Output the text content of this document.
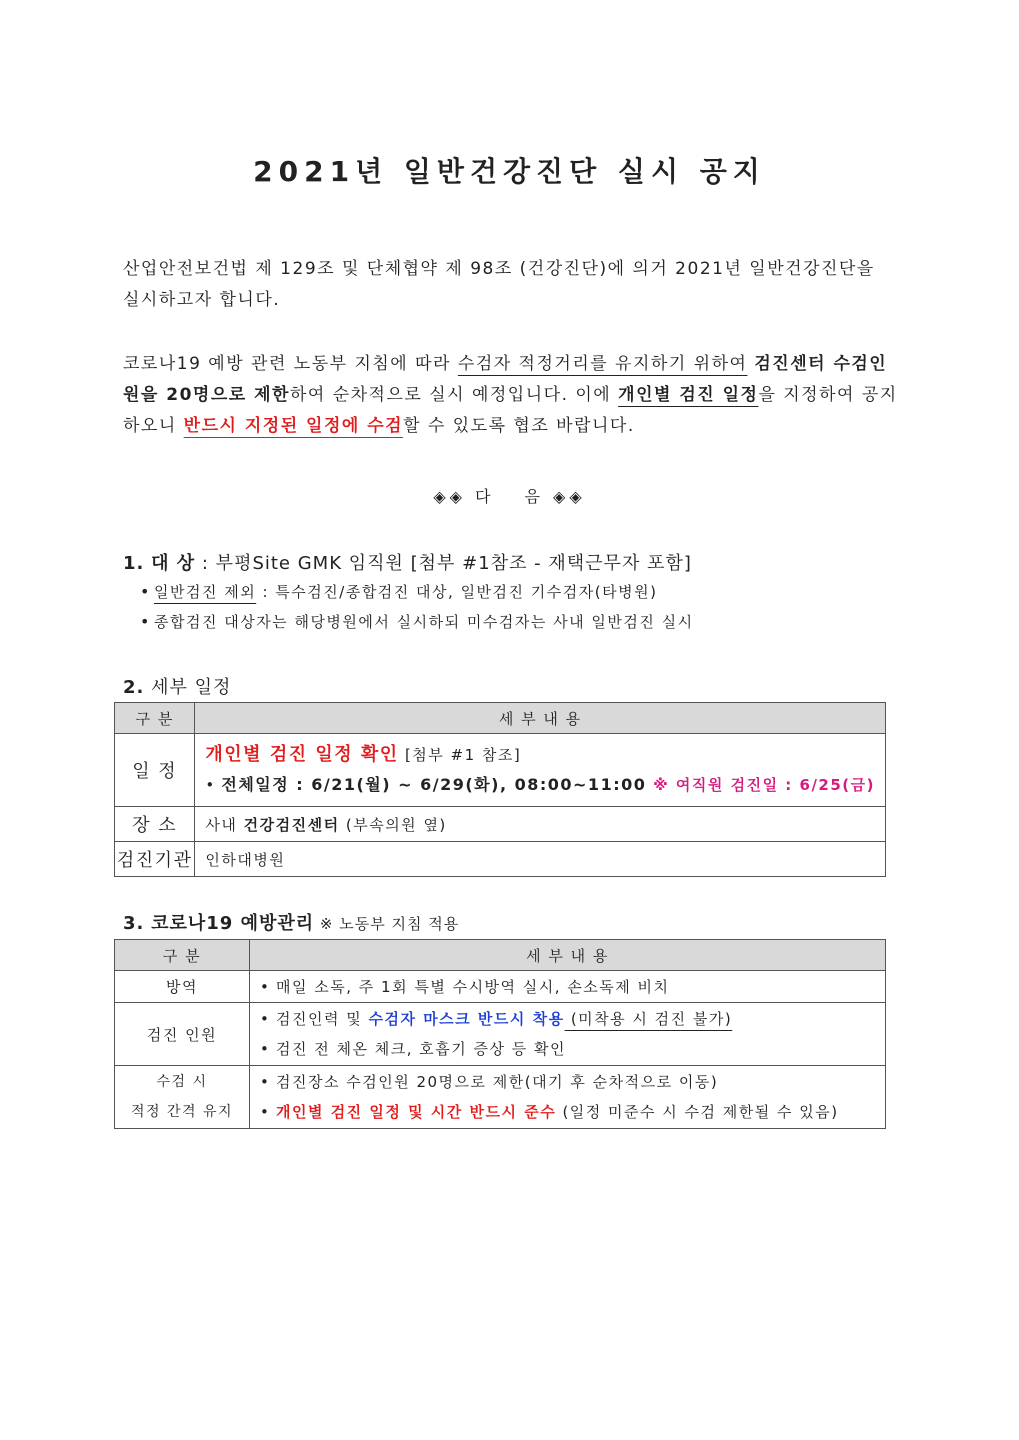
2021년 일반건강진단 실시 공지
산업안전보건법 제 129조 및 단체협약 제 98조 (건강진단)에 의거 2021년 일반건강진단을 실시하고자 합니다.
코로나19 예방 관련 노동부 지침에 따라 수검자 적정거리를 유지하기 위하여 검진센터 수검인원을 20명으로 제한하여 순차적으로 실시 예정입니다. 이에 개인별 검진 일정을 지정하여 공지하오니 반드시 지정된 일정에 수검할 수 있도록 협조 바랍니다.
◈◈ 다 음 ◈◈
1. 대 상 : 부평Site GMK 임직원 [첨부 #1참조 - 재택근무자 포함]
• 일반검진 제외 : 특수검진/종합검진 대상, 일반검진 기수검자(타병원)
• 종합검진 대상자는 해당병원에서 실시하되 미수검자는 사내 일반검진 실시
2. 세부 일정
구 분	세 부 내 용
일 정	개인별 검진 일정 확인 [첨부 #1 참조]
• 전체일정 : 6/21(월) ~ 6/29(화), 08:00~11:00 ※ 여직원 검진일 : 6/25(금)

장 소	사내 건강검진센터 (부속의원 옆)
검진기관	인하대병원
3. 코로나19 예방관리 ※ 노동부 지침 적용
구 분	세 부 내 용
방역	• 매일 소독, 주 1회 특별 수시방역 실시, 손소독제 비치

검진 인원	• 검진인력 및 수검자 마스크 반드시 착용 (미착용 시 검진 불가)
• 검진 전 체온 체크, 호흡기 증상 등 확인

수검 시
적정 간격 유지	• 검진장소 수검인원 20명으로 제한(대기 후 순차적으로 이동)
• 개인별 검진 일정 및 시간 반드시 준수 (일정 미준수 시 수검 제한될 수 있음)
